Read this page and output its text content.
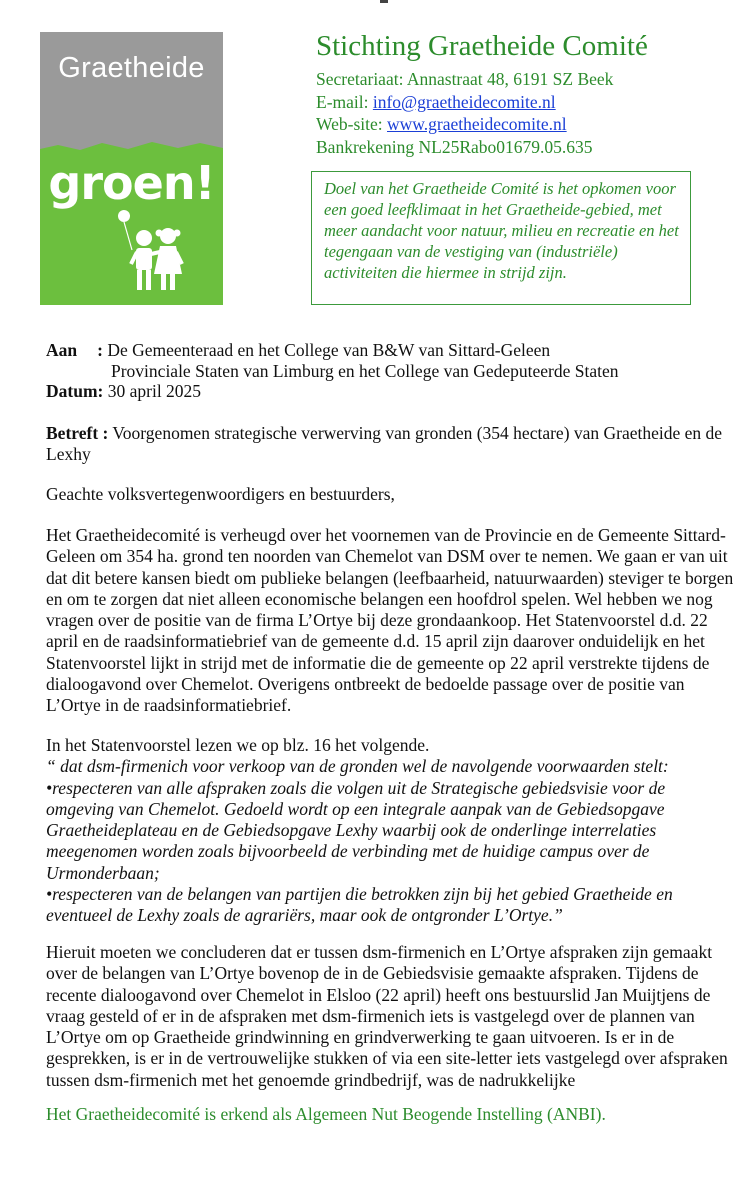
Graetheide
groen!
Stichting Graetheide Comité
Secretariaat: Annastraat 48, 6191 SZ Beek
E-mail: info@graetheidecomite.nl
Web-site: www.graetheidecomite.nl
Bankrekening NL25Rabo01679.05.635
Doel van het Graetheide Comité is het opkomen voor een goed leefklimaat in het Graetheide-gebied, met meer aandacht voor natuur, milieu en recreatie en het tegengaan van de vestiging van (industriële) activiteiten die hiermee in strijd zijn.
Aan : De Gemeenteraad en het College van B&W van Sittard-Geleen
Provinciale Staten van Limburg en het College van Gedeputeerde Staten
Datum: 30 april 2025

Betreft : Voorgenomen strategische verwerving van gronden (354 hectare) van Graetheide en de Lexhy

Geachte volksvertegenwoordigers en bestuurders,
Het Graetheidecomité is verheugd over het voornemen van de Provincie en de Gemeente Sittard-Geleen om 354 ha. grond ten noorden van Chemelot van DSM over te nemen. We gaan er van uit dat dit betere kansen biedt om publieke belangen (leefbaarheid, natuurwaarden) steviger te borgen en om te zorgen dat niet alleen economische belangen een hoofdrol spelen. Wel hebben we nog vragen over de positie van de firma L’Ortye bij deze grondaankoop. Het Statenvoorstel d.d. 22 april en de raadsinformatiebrief van de gemeente d.d. 15 april zijn daarover onduidelijk en het Statenvoorstel lijkt in strijd met de informatie die de gemeente op 22 april verstrekte tijdens de dialoogavond over Chemelot. Overigens ontbreekt de bedoelde passage over de positie van L’Ortye in de raadsinformatiebrief.

In het Statenvoorstel lezen we op blz. 16 het volgende.

“ dat dsm-firmenich voor verkoop van de gronden wel de navolgende voorwaarden stelt:

•respecteren van alle afspraken zoals die volgen uit de Strategische gebiedsvisie voor de omgeving van Chemelot. Gedoeld wordt op een integrale aanpak van de Gebiedsopgave Graetheideplateau en de Gebiedsopgave Lexhy waarbij ook de onderlinge interrelaties meegenomen worden zoals bijvoorbeeld de verbinding met de huidige campus over de Urmonderbaan;

•respecteren van de belangen van partijen die betrokken zijn bij het gebied Graetheide en eventueel de Lexhy zoals de agrariërs, maar ook de ontgronder L’Ortye.”

Hieruit moeten we concluderen dat er tussen dsm-firmenich en L’Ortye afspraken zijn gemaakt over de belangen van L’Ortye bovenop de in de Gebiedsvisie gemaakte afspraken. Tijdens de recente dialoogavond over Chemelot in Elsloo (22 april) heeft ons bestuurslid Jan Muijtjens de vraag gesteld of er in de afspraken met dsm-firmenich iets is vastgelegd over de plannen van L’Ortye om op Graetheide grindwinning en grindverwerking te gaan uitvoeren. Is er in de gesprekken, is er in de vertrouwelijke stukken of via een site-letter iets vastgelegd over afspraken tussen dsm-firmenich met het genoemde grindbedrijf, was de nadrukkelijke
Het Graetheidecomité is erkend als Algemeen Nut Beogende Instelling (ANBI).
